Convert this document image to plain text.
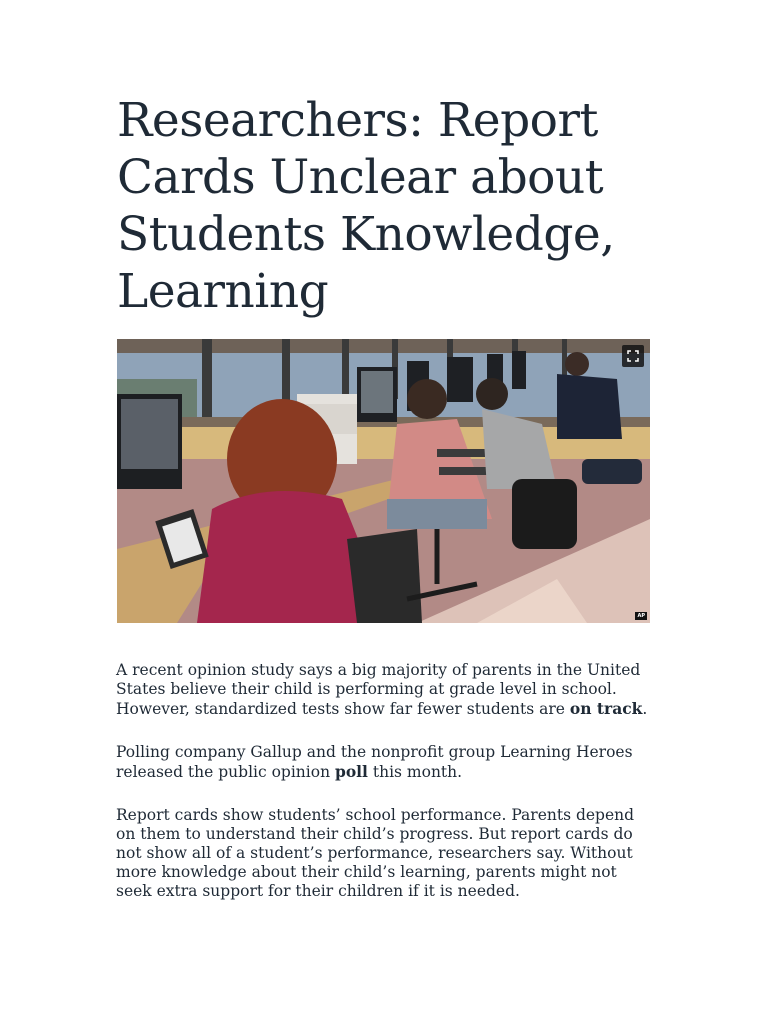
Researchers: Report Cards Unclear about Students Knowledge, Learning
AP

A recent opinion study says a big majority of parents in the United States believe their child is performing at grade level in school. However, standardized tests show far fewer students are on track.

Polling company Gallup and the nonprofit group Learning Heroes released the public opinion poll this month.

Report cards show students’ school performance. Parents depend on them to understand their child’s progress. But report cards do not show all of a student’s performance, researchers say. Without more knowledge about their child’s learning, parents might not seek extra support for their children if it is needed.
